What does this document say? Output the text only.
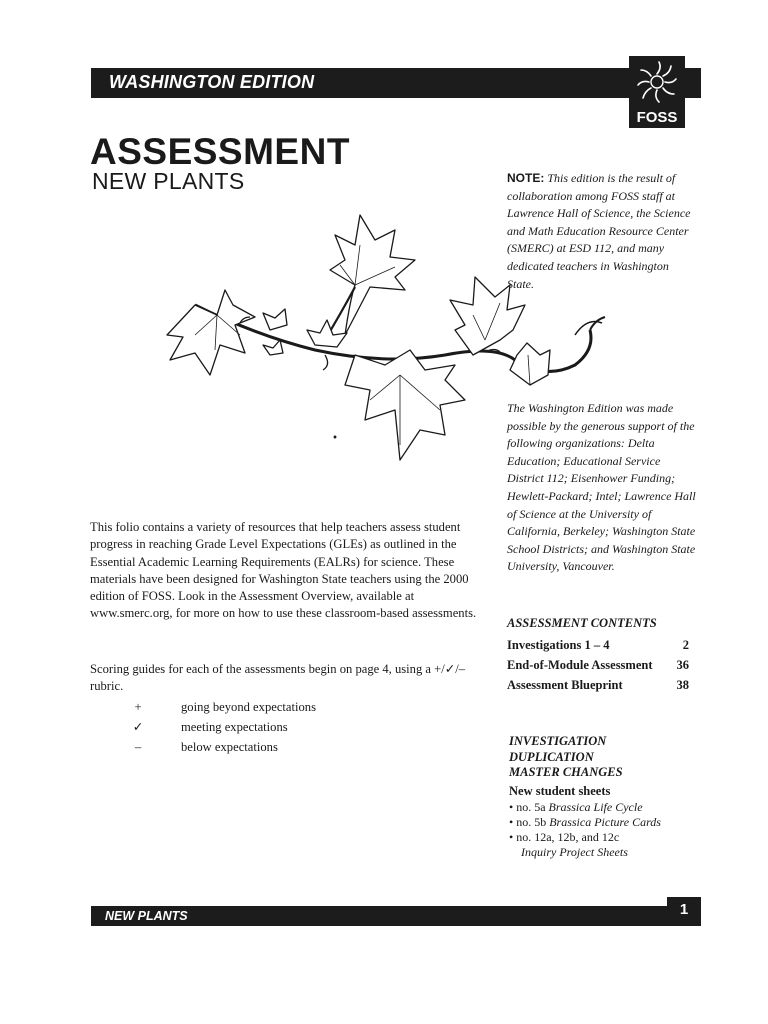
WASHINGTON EDITION
FOSS
ASSESSMENT
NEW PLANTS	NOTE: This edition is the result of collaboration among FOSS staff at Lawrence Hall of Science, the Science and Math Education Resource Center (SMERC) at ESD 112, and many dedicated teachers in Washington State.
The Washington Edition was made possible by the generous support of the following organizations: Delta Education; Educational Service District 112; Eisenhower Funding; Hewlett-Packard; Intel; Lawrence Hall of Science at the University of California, Berkeley; Washington State School Districts; and Washington State University, Vancouver.
This folio contains a variety of resources that help teachers assess student progress in reaching Grade Level Expectations (GLEs) as outlined in the Essential Academic Learning Requirements (EALRs) for science. These materials have been designed for Washington State teachers using the 2000 edition of FOSS. Look in the Assessment Overview, available at www.smerc.org, for more on how to use these classroom-based assessments.
Scoring guides for each of the assessments begin on page 4, using a +/✓/– rubric.
+	going beyond expectations
✓	meeting expectations
–	below expectations
ASSESSMENT CONTENTS
Investigations 1 – 4	2
End-of-Module Assessment 36
Assessment Blueprint	38
INVESTIGATION
DUPLICATION
MASTER CHANGES
New student sheets
• no. 5a Brassica Life Cycle
• no. 5b Brassica Picture Cards
• no. 12a, 12b, and 12c
Inquiry Project Sheets
NEW PLANTS	1
